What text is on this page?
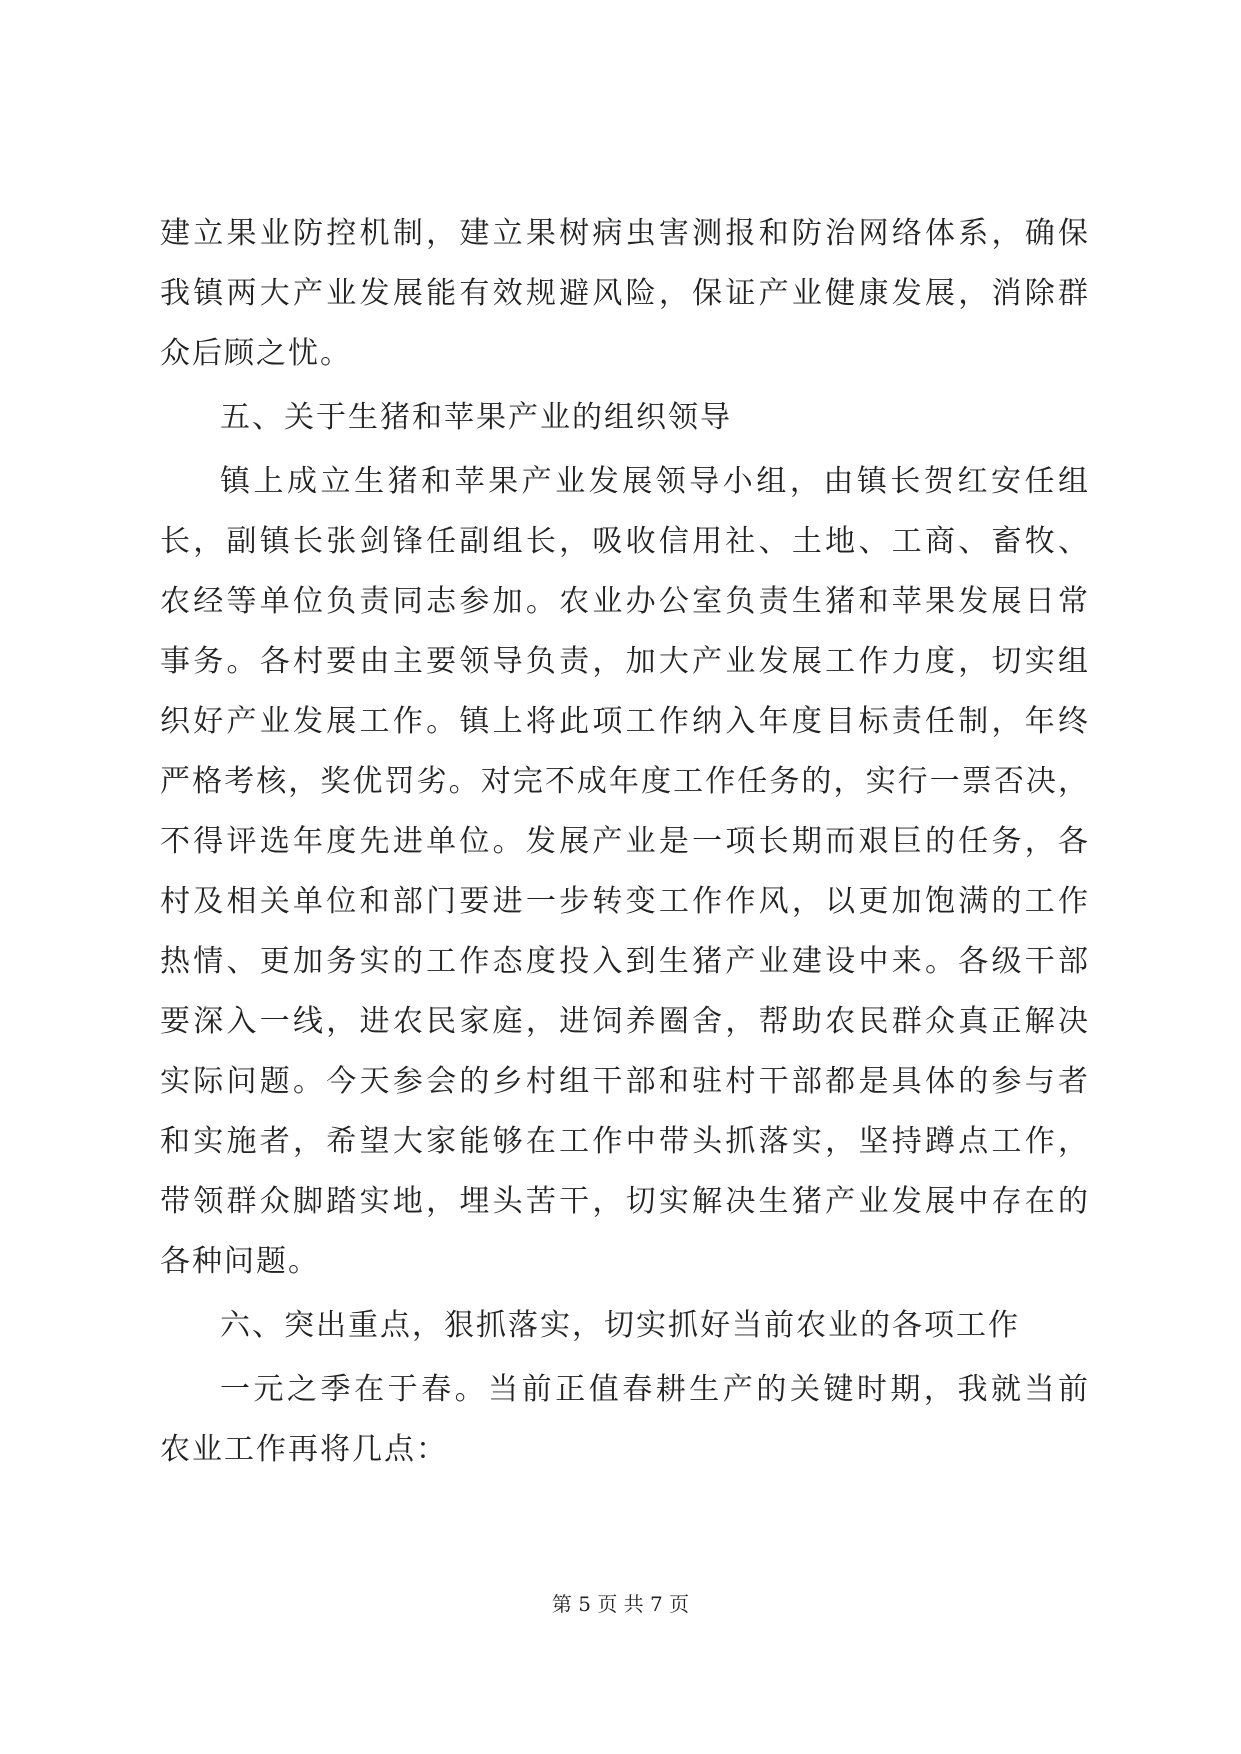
建立果业防控机制，建立果树病虫害测报和防治网络体系，确保
我镇两大产业发展能有效规避风险，保证产业健康发展，消除群
众后顾之忧。
五、关于生猪和苹果产业的组织领导
镇上成立生猪和苹果产业发展领导小组，由镇长贺红安任组
长，副镇长张剑锋任副组长，吸收信用社、土地、工商、畜牧、
农经等单位负责同志参加。农业办公室负责生猪和苹果发展日常
事务。各村要由主要领导负责，加大产业发展工作力度，切实组
织好产业发展工作。镇上将此项工作纳入年度目标责任制，年终
严格考核，奖优罚劣。对完不成年度工作任务的，实行一票否决，
不得评选年度先进单位。发展产业是一项长期而艰巨的任务，各
村及相关单位和部门要进一步转变工作作风，以更加饱满的工作
热情、更加务实的工作态度投入到生猪产业建设中来。各级干部
要深入一线，进农民家庭，进饲养圈舍，帮助农民群众真正解决
实际问题。今天参会的乡村组干部和驻村干部都是具体的参与者
和实施者，希望大家能够在工作中带头抓落实，坚持蹲点工作，
带领群众脚踏实地，埋头苦干，切实解决生猪产业发展中存在的
各种问题。
六、突出重点，狠抓落实，切实抓好当前农业的各项工作
一元之季在于春。当前正值春耕生产的关键时期，我就当前
农业工作再将几点：
第 5 页 共 7 页
